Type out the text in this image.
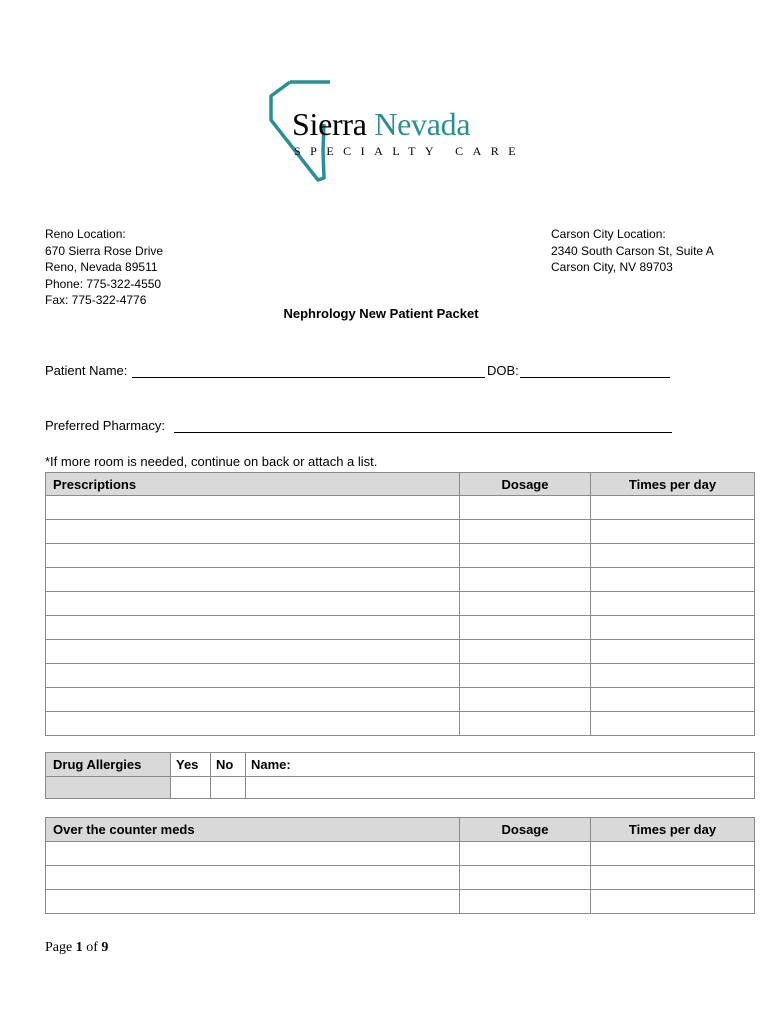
Sierra Nevada
SPECIALTY CARE
Reno Location:
670 Sierra Rose Drive
Reno, Nevada 89511
Phone: 775-322-4550
Fax: 775-322-4776
Carson City Location:
2340 South Carson St, Suite A
Carson City, NV 89703
Nephrology New Patient Packet
Patient Name:	DOB:
Preferred Pharmacy:
*If more room is needed, continue on back or attach a list.
Prescriptions	Dosage	Times per day

Drug Allergies	Yes	No	Name:

Over the counter meds	Dosage	Times per day

Page 1 of 9
